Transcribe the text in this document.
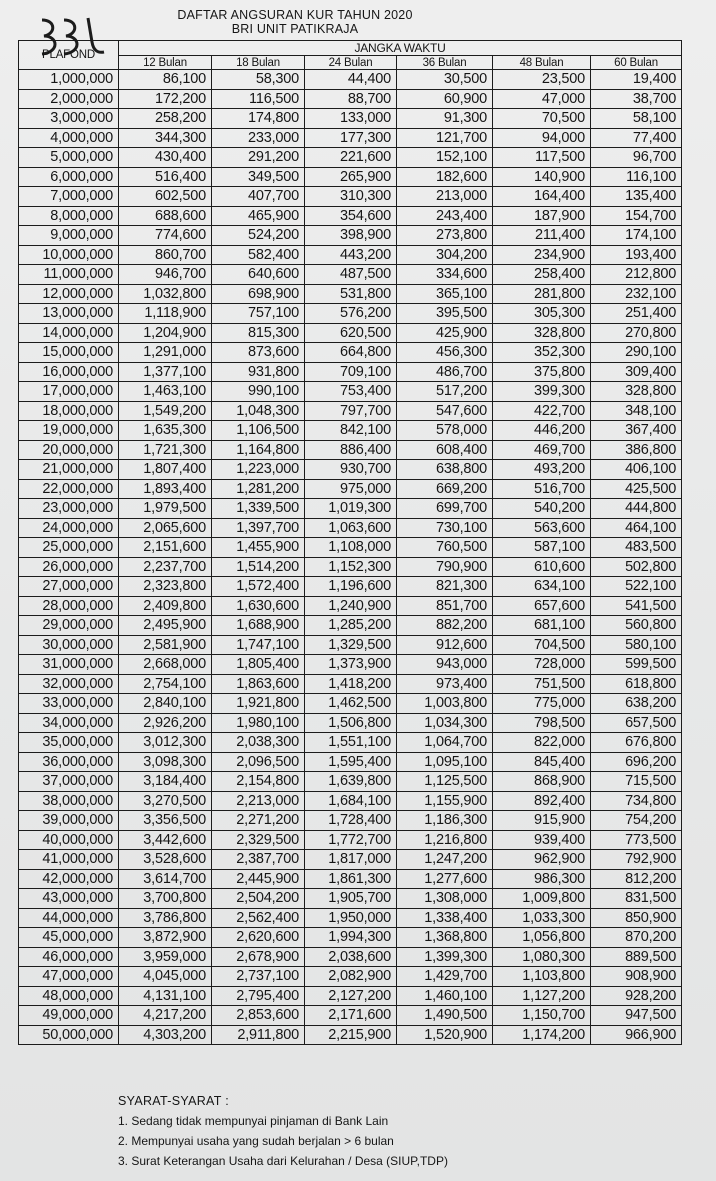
DAFTAR ANGSURAN KUR TAHUN 2020
BRI UNIT PATIKRAJA
PLAFOND	JANGKA WAKTU					
	12 Bulan	18 Bulan	24 Bulan	36 Bulan	48 Bulan	60 Bulan
1,000,000	86,100	58,300	44,400	30,500	23,500	19,400
2,000,000	172,200	116,500	88,700	60,900	47,000	38,700
3,000,000	258,200	174,800	133,000	91,300	70,500	58,100
4,000,000	344,300	233,000	177,300	121,700	94,000	77,400
5,000,000	430,400	291,200	221,600	152,100	117,500	96,700
6,000,000	516,400	349,500	265,900	182,600	140,900	116,100
7,000,000	602,500	407,700	310,300	213,000	164,400	135,400
8,000,000	688,600	465,900	354,600	243,400	187,900	154,700
9,000,000	774,600	524,200	398,900	273,800	211,400	174,100
10,000,000	860,700	582,400	443,200	304,200	234,900	193,400
11,000,000	946,700	640,600	487,500	334,600	258,400	212,800
12,000,000	1,032,800	698,900	531,800	365,100	281,800	232,100
13,000,000	1,118,900	757,100	576,200	395,500	305,300	251,400
14,000,000	1,204,900	815,300	620,500	425,900	328,800	270,800
15,000,000	1,291,000	873,600	664,800	456,300	352,300	290,100
16,000,000	1,377,100	931,800	709,100	486,700	375,800	309,400
17,000,000	1,463,100	990,100	753,400	517,200	399,300	328,800
18,000,000	1,549,200	1,048,300	797,700	547,600	422,700	348,100
19,000,000	1,635,300	1,106,500	842,100	578,000	446,200	367,400
20,000,000	1,721,300	1,164,800	886,400	608,400	469,700	386,800
21,000,000	1,807,400	1,223,000	930,700	638,800	493,200	406,100
22,000,000	1,893,400	1,281,200	975,000	669,200	516,700	425,500
23,000,000	1,979,500	1,339,500	1,019,300	699,700	540,200	444,800
24,000,000	2,065,600	1,397,700	1,063,600	730,100	563,600	464,100
25,000,000	2,151,600	1,455,900	1,108,000	760,500	587,100	483,500
26,000,000	2,237,700	1,514,200	1,152,300	790,900	610,600	502,800
27,000,000	2,323,800	1,572,400	1,196,600	821,300	634,100	522,100
28,000,000	2,409,800	1,630,600	1,240,900	851,700	657,600	541,500
29,000,000	2,495,900	1,688,900	1,285,200	882,200	681,100	560,800
30,000,000	2,581,900	1,747,100	1,329,500	912,600	704,500	580,100
31,000,000	2,668,000	1,805,400	1,373,900	943,000	728,000	599,500
32,000,000	2,754,100	1,863,600	1,418,200	973,400	751,500	618,800
33,000,000	2,840,100	1,921,800	1,462,500	1,003,800	775,000	638,200
34,000,000	2,926,200	1,980,100	1,506,800	1,034,300	798,500	657,500
35,000,000	3,012,300	2,038,300	1,551,100	1,064,700	822,000	676,800
36,000,000	3,098,300	2,096,500	1,595,400	1,095,100	845,400	696,200
37,000,000	3,184,400	2,154,800	1,639,800	1,125,500	868,900	715,500
38,000,000	3,270,500	2,213,000	1,684,100	1,155,900	892,400	734,800
39,000,000	3,356,500	2,271,200	1,728,400	1,186,300	915,900	754,200
40,000,000	3,442,600	2,329,500	1,772,700	1,216,800	939,400	773,500
41,000,000	3,528,600	2,387,700	1,817,000	1,247,200	962,900	792,900
42,000,000	3,614,700	2,445,900	1,861,300	1,277,600	986,300	812,200
43,000,000	3,700,800	2,504,200	1,905,700	1,308,000	1,009,800	831,500
44,000,000	3,786,800	2,562,400	1,950,000	1,338,400	1,033,300	850,900
45,000,000	3,872,900	2,620,600	1,994,300	1,368,800	1,056,800	870,200
46,000,000	3,959,000	2,678,900	2,038,600	1,399,300	1,080,300	889,500
47,000,000	4,045,000	2,737,100	2,082,900	1,429,700	1,103,800	908,900
48,000,000	4,131,100	2,795,400	2,127,200	1,460,100	1,127,200	928,200
49,000,000	4,217,200	2,853,600	2,171,600	1,490,500	1,150,700	947,500
50,000,000	4,303,200	2,911,800	2,215,900	1,520,900	1,174,200	966,900
SYARAT-SYARAT :
1. Sedang tidak mempunyai pinjaman di Bank Lain
2. Mempunyai usaha yang sudah berjalan > 6 bulan
3. Surat Keterangan Usaha dari Kelurahan / Desa (SIUP,TDP)
